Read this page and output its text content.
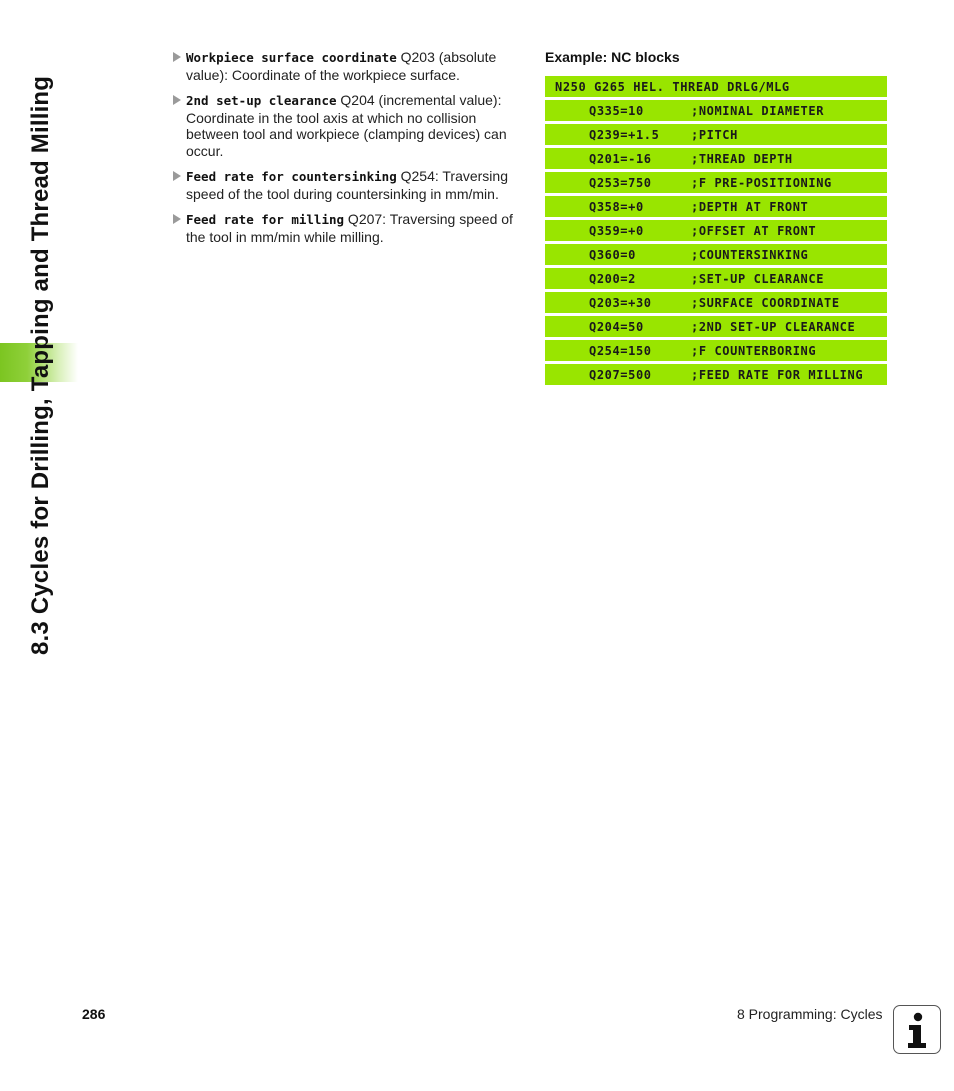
8.3 Cycles for Drilling, Tapping and Thread Milling
Workpiece surface coordinate Q203 (absolute value): Coordinate of the workpiece surface.
2nd set-up clearance Q204 (incremental value): Coordinate in the tool axis at which no collision between tool and workpiece (clamping devices) can occur.
Feed rate for countersinking Q254: Traversing speed of the tool during countersinking in mm/min.
Feed rate for milling Q207: Traversing speed of the tool in mm/min while milling.
Example: NC blocks
N250 G265 HEL. THREAD DRLG/MLG
Q335=10	;NOMINAL DIAMETER
Q239=+1.5	;PITCH
Q201=-16	;THREAD DEPTH
Q253=750	;F PRE-POSITIONING
Q358=+0	;DEPTH AT FRONT
Q359=+0	;OFFSET AT FRONT
Q360=0	;COUNTERSINKING
Q200=2	;SET-UP CLEARANCE
Q203=+30	;SURFACE COORDINATE
Q204=50	;2ND SET-UP CLEARANCE
Q254=150	;F COUNTERBORING
Q207=500	;FEED RATE FOR MILLING
286	8 Programming: Cycles
